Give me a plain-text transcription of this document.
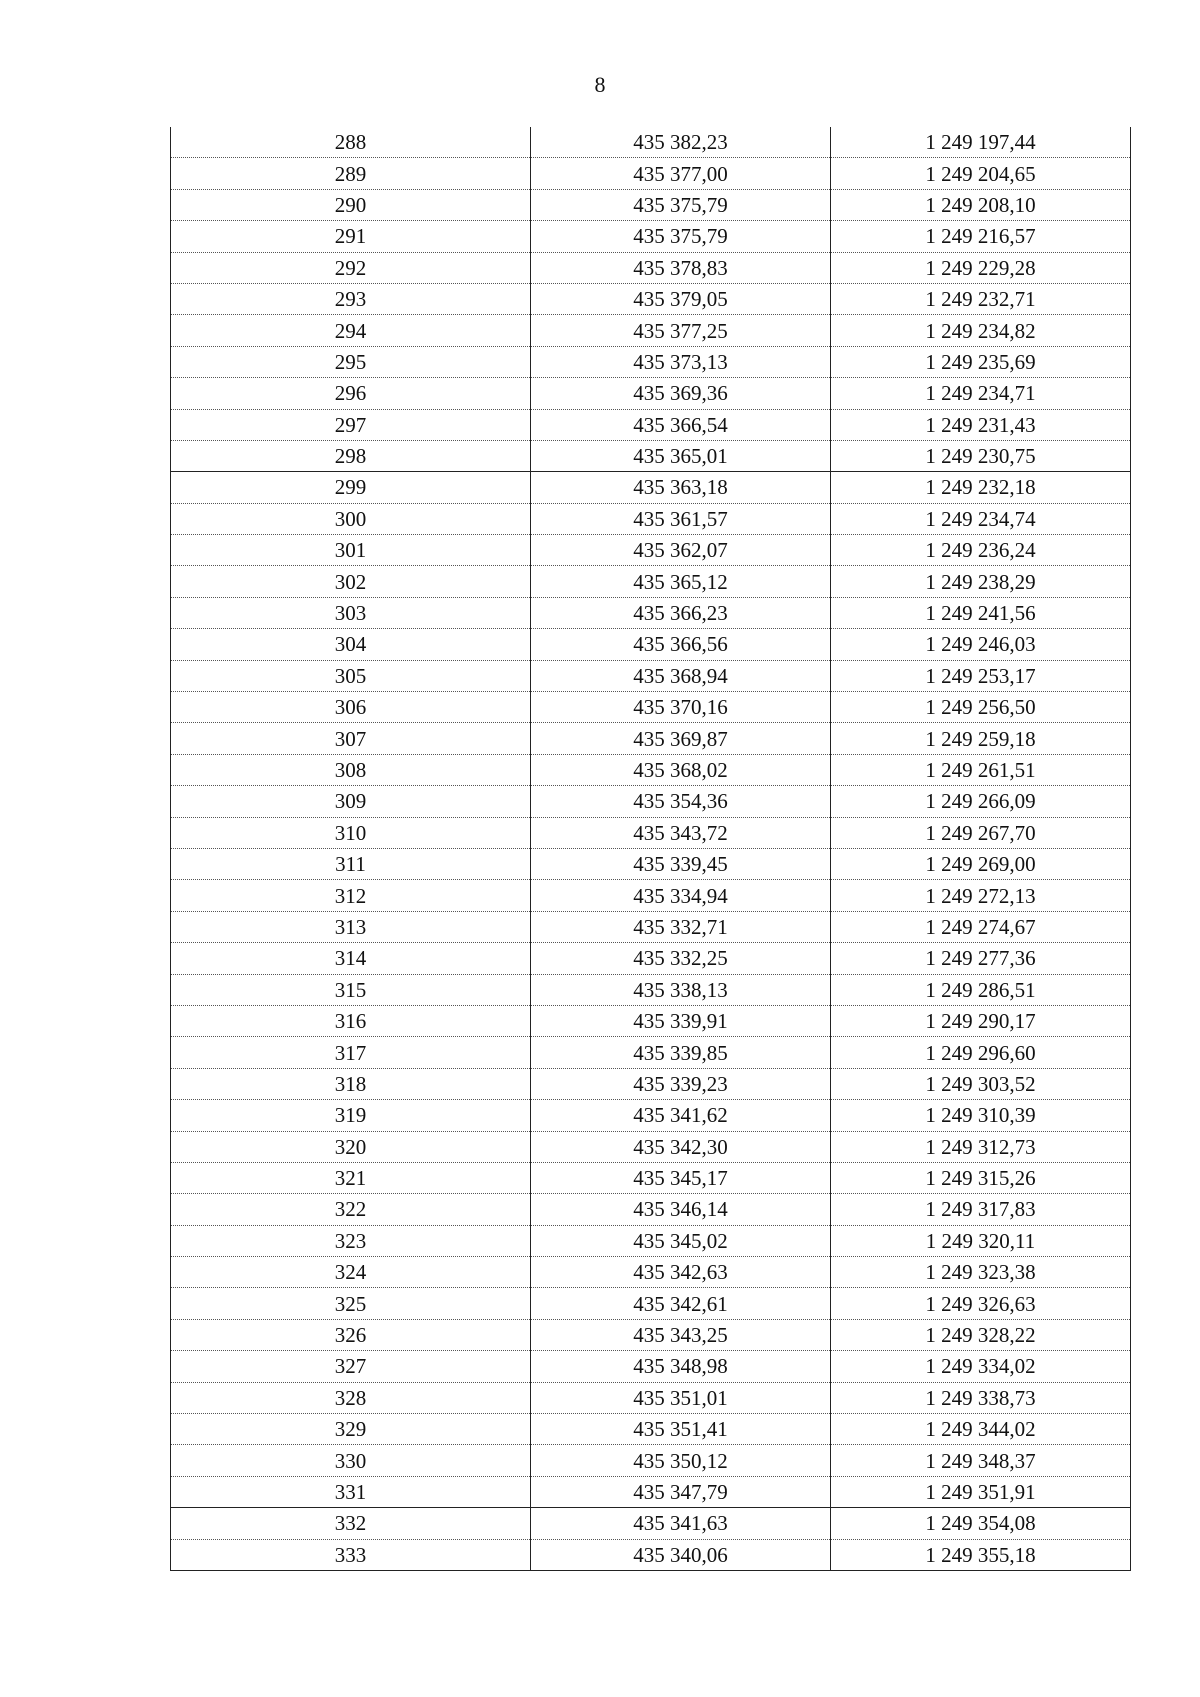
8
288	435 382,23	1 249 197,44
289	435 377,00	1 249 204,65
290	435 375,79	1 249 208,10
291	435 375,79	1 249 216,57
292	435 378,83	1 249 229,28
293	435 379,05	1 249 232,71
294	435 377,25	1 249 234,82
295	435 373,13	1 249 235,69
296	435 369,36	1 249 234,71
297	435 366,54	1 249 231,43
298	435 365,01	1 249 230,75
299	435 363,18	1 249 232,18
300	435 361,57	1 249 234,74
301	435 362,07	1 249 236,24
302	435 365,12	1 249 238,29
303	435 366,23	1 249 241,56
304	435 366,56	1 249 246,03
305	435 368,94	1 249 253,17
306	435 370,16	1 249 256,50
307	435 369,87	1 249 259,18
308	435 368,02	1 249 261,51
309	435 354,36	1 249 266,09
310	435 343,72	1 249 267,70
311	435 339,45	1 249 269,00
312	435 334,94	1 249 272,13
313	435 332,71	1 249 274,67
314	435 332,25	1 249 277,36
315	435 338,13	1 249 286,51
316	435 339,91	1 249 290,17
317	435 339,85	1 249 296,60
318	435 339,23	1 249 303,52
319	435 341,62	1 249 310,39
320	435 342,30	1 249 312,73
321	435 345,17	1 249 315,26
322	435 346,14	1 249 317,83
323	435 345,02	1 249 320,11
324	435 342,63	1 249 323,38
325	435 342,61	1 249 326,63
326	435 343,25	1 249 328,22
327	435 348,98	1 249 334,02
328	435 351,01	1 249 338,73
329	435 351,41	1 249 344,02
330	435 350,12	1 249 348,37
331	435 347,79	1 249 351,91
332	435 341,63	1 249 354,08
333	435 340,06	1 249 355,18
